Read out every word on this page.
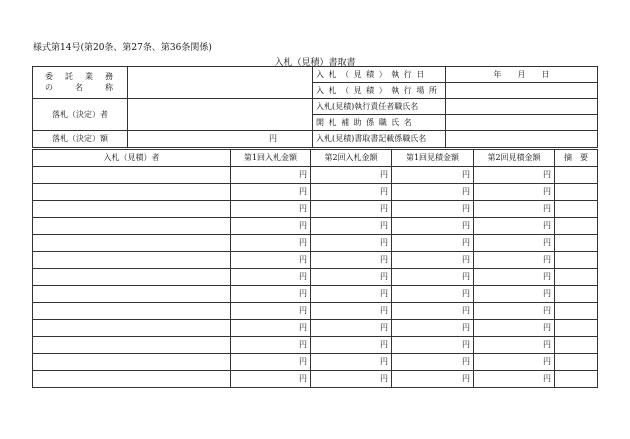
様式第14号(第20条、第27条、第36条関係)
入札（見積）書取書
委　託　業　務
の　　名　　称		入 札 （ 見 積 ） 執 行 日	年　　月　　日
		入 札 （ 見 積 ） 執 行 場 所	
落札（決定）者		入札(見積)執行責任者職氏名	
		開 札 補 助 係 職 氏 名	
落札（決定）額	円	入札(見積)書取書記載係職氏名	
入札（見積）者	第1回入札金額	第2回入札金額	第1回見積金額	第2回見積金額	摘　要
	円	円	円	円	
	円	円	円	円	
	円	円	円	円	
	円	円	円	円	
	円	円	円	円	
	円	円	円	円	
	円	円	円	円	
	円	円	円	円	
	円	円	円	円	
	円	円	円	円	
	円	円	円	円	
	円	円	円	円	
	円	円	円	円	
